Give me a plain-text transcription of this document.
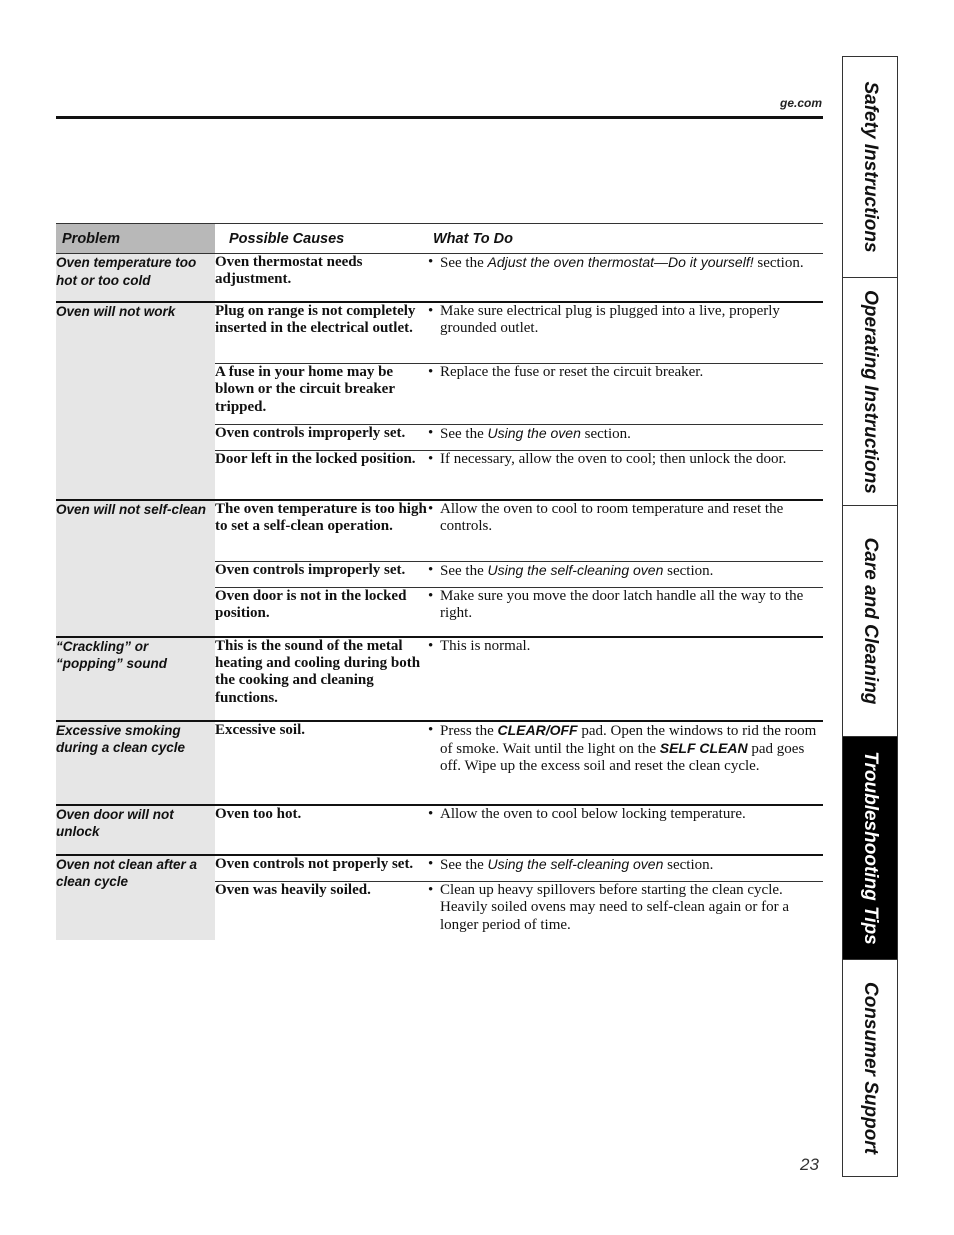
ge.com
Problem	Possible Causes	What To Do
Oven temperature too hot or too cold	Oven thermostat needs adjustment.	• See the Adjust the oven thermostat—Do it yourself! section.

Oven will not work	Plug on range is not completely inserted in the electrical outlet.	• Make sure electrical plug is plugged into a live, properly grounded outlet.

	A fuse in your home may be blown or the circuit breaker tripped.	• Replace the fuse or reset the circuit breaker.

	Oven controls improperly set.	• See the Using the oven section.

	Door left in the locked position.	• If necessary, allow the oven to cool; then unlock the door.

Oven will not self-clean	The oven temperature is too high to set a self-clean operation.	• Allow the oven to cool to room temperature and reset the controls.

	Oven controls improperly set.	• See the Using the self-cleaning oven section.

	Oven door is not in the locked position.	• Make sure you move the door latch handle all the way to the right.

“Crackling” or “popping” sound	This is the sound of the metal heating and cooling during both the cooking and cleaning functions.	• This is normal.

Excessive smoking during a clean cycle	Excessive soil.	• Press the CLEAR/OFF pad. Open the windows to rid the room of smoke. Wait until the light on the SELF CLEAN pad goes off. Wipe up the excess soil and reset the clean cycle.

Oven door will not unlock	Oven too hot.	• Allow the oven to cool below locking temperature.

Oven not clean after a clean cycle	Oven controls not properly set.	• See the Using the self-cleaning oven section.

	Oven was heavily soiled.	• Clean up heavy spillovers before starting the clean cycle. Heavily soiled ovens may need to self-clean again or for a longer period of time.
23
Safety Instructions
Operating Instructions
Care and Cleaning
Troubleshooting Tips
Consumer Support
